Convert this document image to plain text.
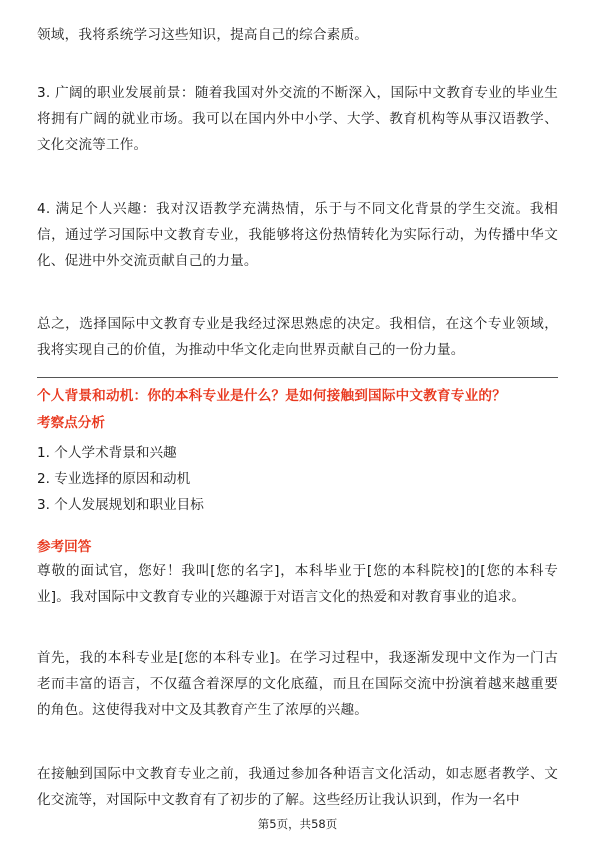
领域，我将系统学习这些知识，提高自己的综合素质。

3. 广阔的职业发展前景：随着我国对外交流的不断深入，国际中文教育专业的毕业生将拥有广阔的就业市场。我可以在国内外中小学、大学、教育机构等从事汉语教学、文化交流等工作。

4. 满足个人兴趣：我对汉语教学充满热情，乐于与不同文化背景的学生交流。我相信，通过学习国际中文教育专业，我能够将这份热情转化为实际行动，为传播中华文化、促进中外交流贡献自己的力量。

总之，选择国际中文教育专业是我经过深思熟虑的决定。我相信，在这个专业领域，我将实现自己的价值，为推动中华文化走向世界贡献自己的一份力量。

个人背景和动机：你的本科专业是什么？是如何接触到国际中文教育专业的？

考察点分析

1. 个人学术背景和兴趣

2. 专业选择的原因和动机

3. 个人发展规划和职业目标

参考回答

尊敬的面试官，您好！我叫[您的名字]，本科毕业于[您的本科院校]的[您的本科专业]。我对国际中文教育专业的兴趣源于对语言文化的热爱和对教育事业的追求。

首先，我的本科专业是[您的本科专业]。在学习过程中，我逐渐发现中文作为一门古老而丰富的语言，不仅蕴含着深厚的文化底蕴，而且在国际交流中扮演着越来越重要的角色。这使得我对中文及其教育产生了浓厚的兴趣。

在接触到国际中文教育专业之前，我通过参加各种语言文化活动，如志愿者教学、文化交流等，对国际中文教育有了初步的了解。这些经历让我认识到，作为一名中

第5页，共58页
